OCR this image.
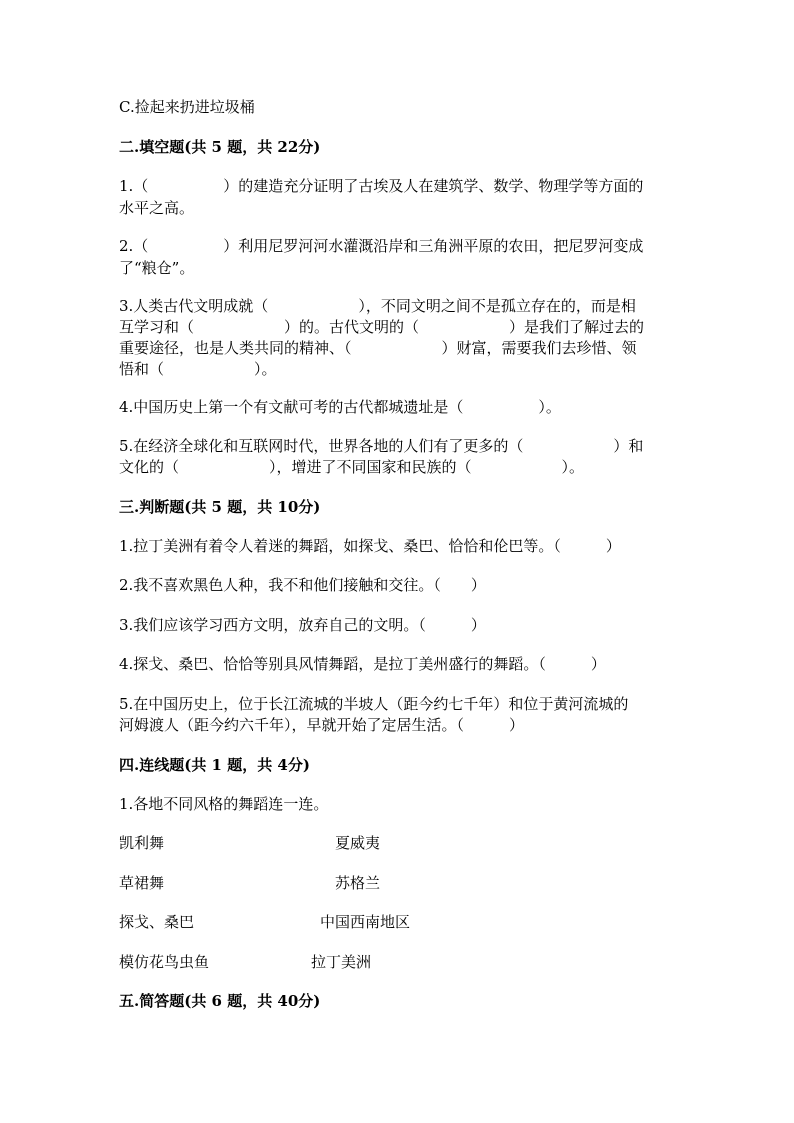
C.捡起来扔进垃圾桶
二.填空题(共 5 题，共 22分)
1.（　　　　　）的建造充分证明了古埃及人在建筑学、数学、物理学等方面的
水平之高。
2.（　　　　　）利用尼罗河河水灌溉沿岸和三角洲平原的农田，把尼罗河变成
了“粮仓”。
3.人类古代文明成就（　　　　　　），不同文明之间不是孤立存在的，而是相
互学习和（　　　　　　）的。古代文明的（　　　　　　）是我们了解过去的
重要途径，也是人类共同的精神、（　　　　　　）财富，需要我们去珍惜、领
悟和（　　　　　　）。
4.中国历史上第一个有文献可考的古代都城遗址是（　　　　　）。
5.在经济全球化和互联网时代，世界各地的人们有了更多的（　　　　　　）和
文化的（　　　　　　），增进了不同国家和民族的（　　　　　　）。
三.判断题(共 5 题，共 10分)
1.拉丁美洲有着令人着迷的舞蹈，如探戈、桑巴、恰恰和伦巴等。（　　　）
2.我不喜欢黑色人种，我不和他们接触和交往。（　　）
3.我们应该学习西方文明，放弃自己的文明。（　　　）
4.探戈、桑巴、恰恰等别具风情舞蹈，是拉丁美州盛行的舞蹈。（　　　）
5.在中国历史上，位于长江流城的半坡人（距今约七千年）和位于黄河流城的
河姆渡人（距今约六千年），早就开始了定居生活。（　　　）
四.连线题(共 1 题，共 4分)
1.各地不同风格的舞蹈连一连。
凯利舞	夏威夷
草裙舞	苏格兰
探戈、桑巴	中国西南地区
模仿花鸟虫鱼	拉丁美洲
五.简答题(共 6 题，共 40分)
